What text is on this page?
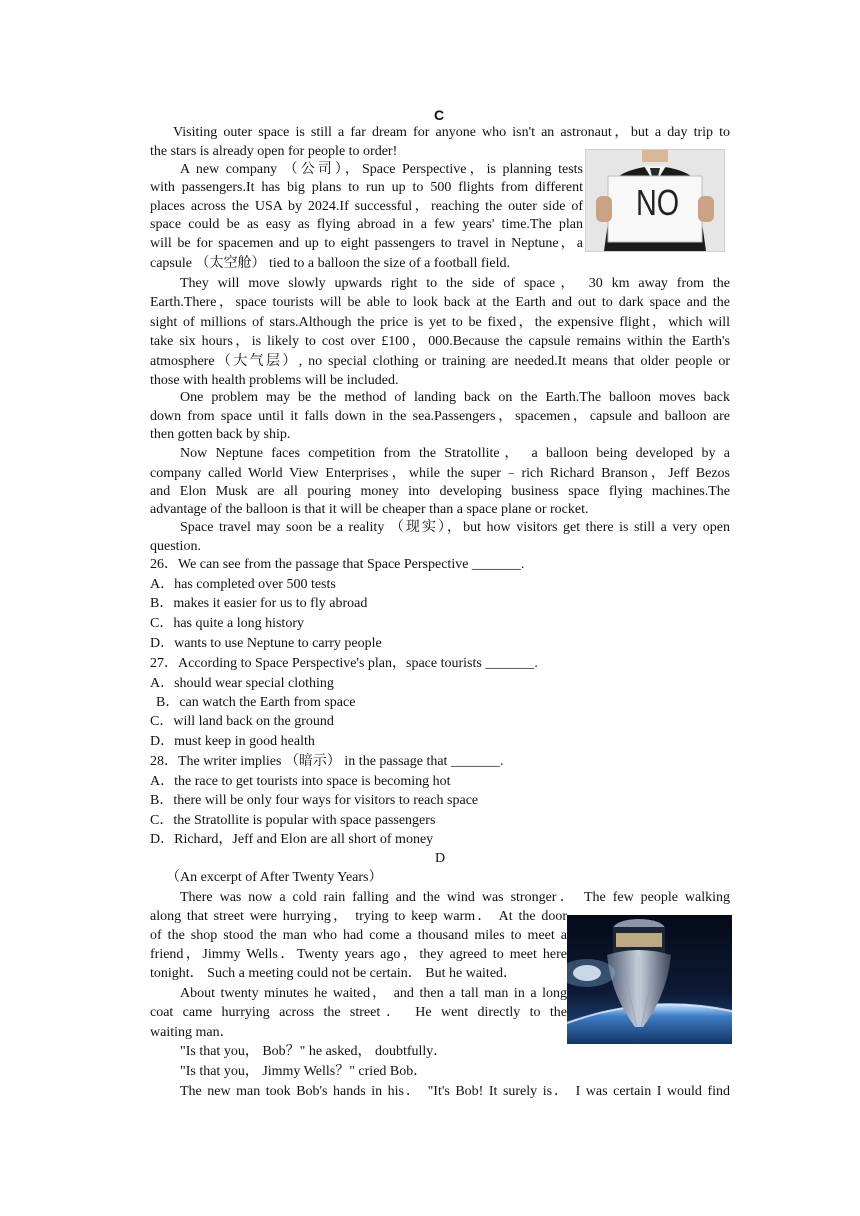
C
Visiting outer space is still a far dream for anyone who isn't an astronaut，but a day trip to
the stars is already open for people to order!
A new company （公司），Space Perspective，is planning tests
with passengers.It has big plans to run up to 500 flights from different
places across the USA by 2024.If successful，reaching the outer side of
space could be as easy as flying abroad in a few years' time.The plan
will be for spacemen and up to eight passengers to travel in Neptune，a
capsule （太空舱） tied to a balloon the size of a football field.
They will move slowly upwards right to the side of space， 30 km away from the
Earth.There，space tourists will be able to look back at the Earth and out to dark space and the
sight of millions of stars.Although the price is yet to be fixed，the expensive flight，which will
take six hours，is likely to cost over £100，000.Because the capsule remains within the Earth's
atmosphere（大气层）, no special clothing or training are needed.It means that older people or
those with health problems will be included.
One problem may be the method of landing back on the Earth.The balloon moves back
down from space until it falls down in the sea.Passengers，spacemen，capsule and balloon are
then gotten back by ship.
Now Neptune faces competition from the Stratollite， a balloon being developed by a
company called World View Enterprises，while the super﹣rich Richard Branson，Jeff Bezos
and Elon Musk are all pouring money into developing business space flying machines.The
advantage of the balloon is that it will be cheaper than a space plane or rocket.
Space travel may soon be a reality （现实），but how visitors get there is still a very open
question.
NO
26．We can see from the passage that Space Perspective _______.
A．has completed over 500 tests
B．makes it easier for us to fly abroad
C．has quite a long history
D．wants to use Neptune to carry people
27．According to Space Perspective's plan，space tourists _______.
A．should wear special clothing
B．can watch the Earth from space
C．will land back on the ground
D．must keep in good health
28．The writer implies （暗示） in the passage that _______.
A．the race to get tourists into space is becoming hot
B．there will be only four ways for visitors to reach space
C．the Stratollite is popular with space passengers
D．Richard，Jeff and Elon are all short of money
D
（An excerpt of After Twenty Years）
There was now a cold rain falling and the wind was stronger． The few people walking
along that street were hurrying， trying to keep warm． At the door
of the shop stood the man who had come a thousand miles to meet a
friend，Jimmy Wells．Twenty years ago，they agreed to meet here
tonight． Such a meeting could not be certain． But he waited．
About twenty minutes he waited， and then a tall man in a long
coat came hurrying across the street． He went directly to the
waiting man．
"Is that you， Bob？" he asked， doubtfully．
"Is that you， Jimmy Wells？" cried Bob．
The new man took Bob's hands in his． "It's Bob! It surely is． I was certain I would find
